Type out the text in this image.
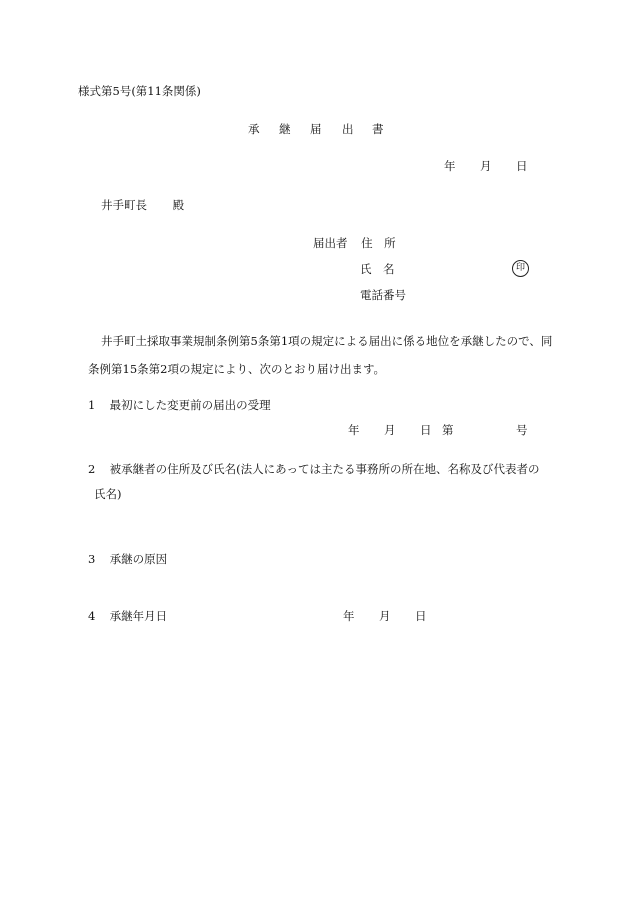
様式第5号(第11条関係)
承 継 届 出 書
年 月 日
井手町長 殿
届出者 住　所
氏　名	印
電話番号
井手町土採取事業規制条例第5条第1項の規定による届出に係る地位を承継したので、同条例第15条第2項の規定により、次のとおり届け出ます。
1 最初にした変更前の届出の受理
年 月 日 第	号
2 被承継者の住所及び氏名(法人にあっては主たる事務所の所在地、名称及び代表者の
氏名)
3 承継の原因
4 承継年月日	年 月 日
